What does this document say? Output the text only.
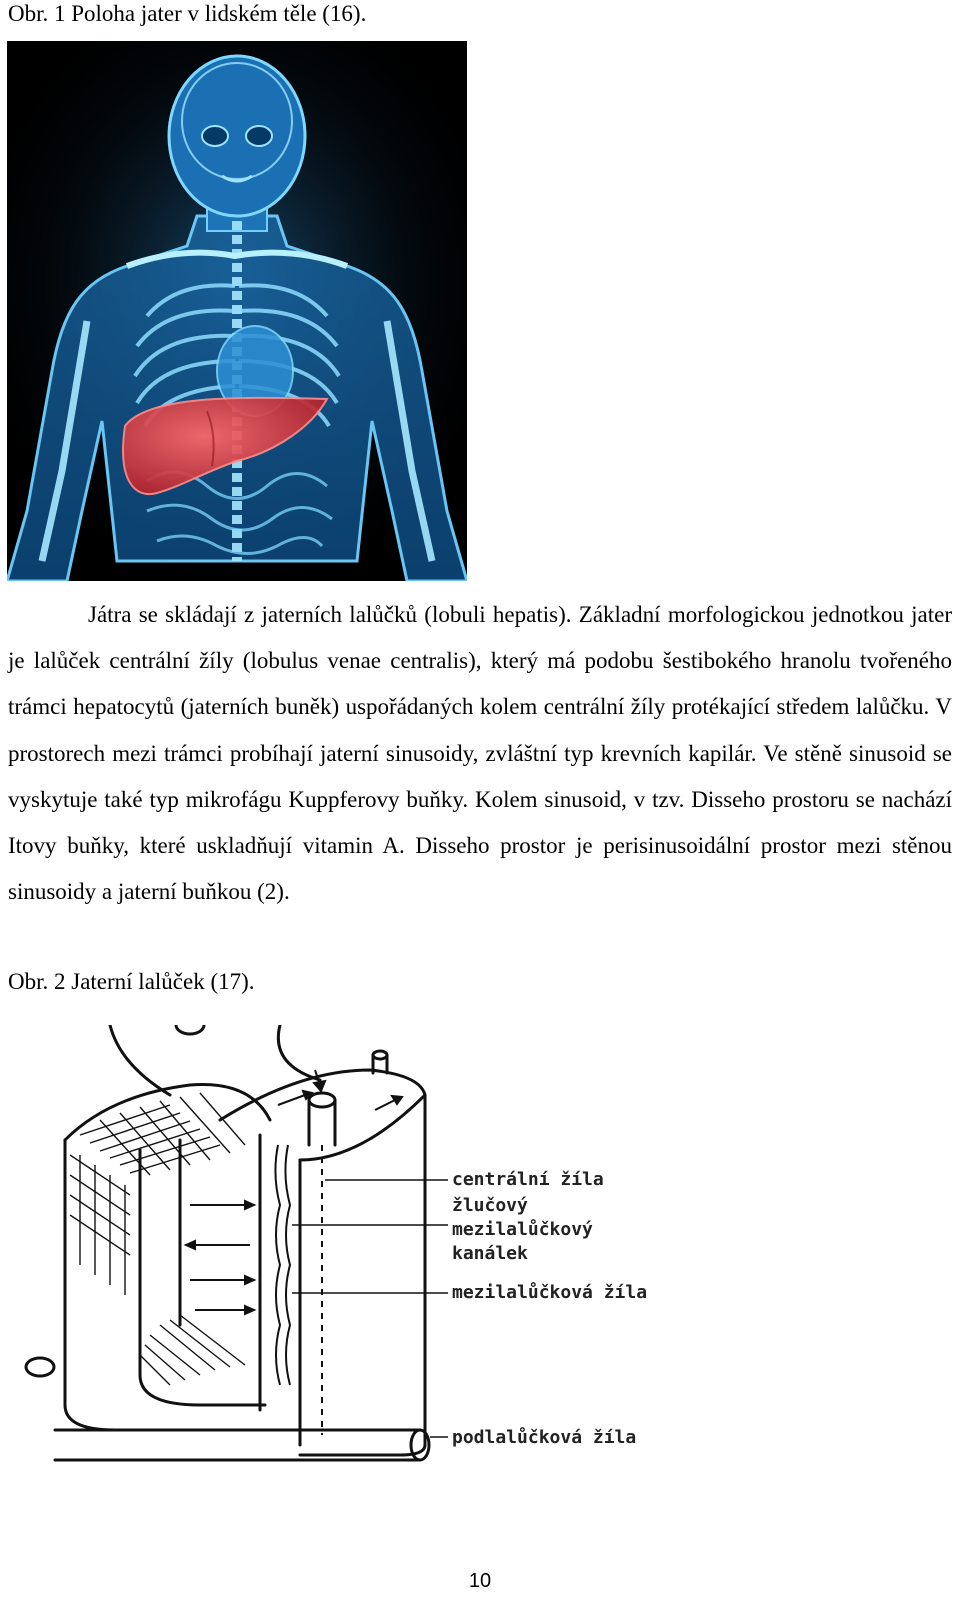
Obr. 1 Poloha jater v lidském těle (16).
Játra se skládají z jaterních lalůčků (lobuli hepatis). Základní morfologickou jednotkou jater je lalůček centrální žíly (lobulus venae centralis), který má podobu šestibokého hranolu tvořeného trámci hepatocytů (jaterních buněk) uspořádaných kolem centrální žíly protékající středem lalůčku. V prostorech mezi trámci probíhají jaterní sinusoidy, zvláštní typ krevních kapilár. Ve stěně sinusoid se vyskytuje také typ mikrofágu Kuppferovy buňky. Kolem sinusoid, v tzv. Disseho prostoru se nachází Itovy buňky, které uskladňují vitamin A. Disseho prostor je perisinusoidální prostor mezi stěnou sinusoidy a jaterní buňkou (2).
Obr. 2 Jaterní lalůček (17).
centrální žíla
žlučový
mezilalůčkový
kanálek
mezilalůčková žíla
podlalůčková žíla
10
